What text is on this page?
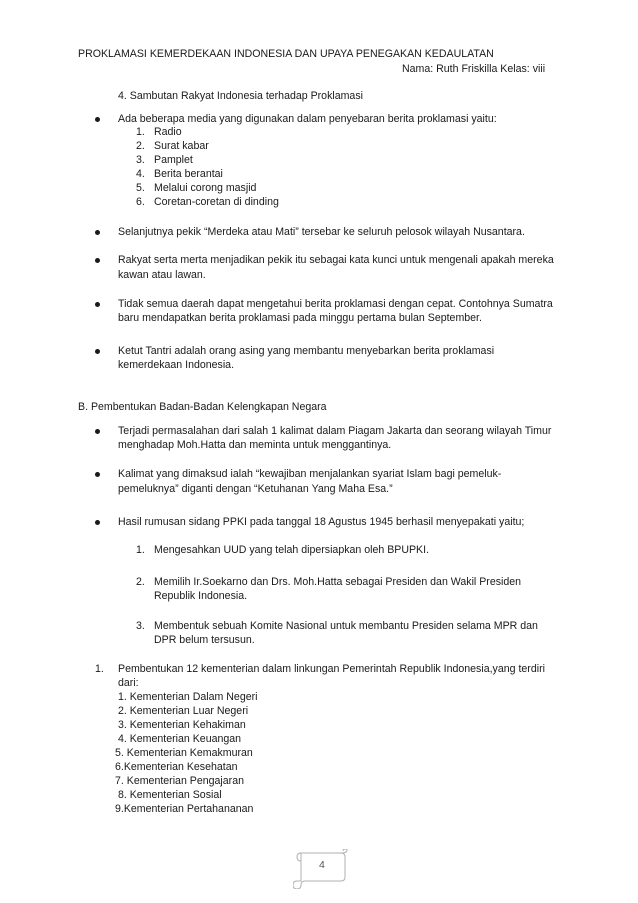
PROKLAMASI KEMERDEKAAN INDONESIA DAN UPAYA PENEGAKAN KEDAULATAN
Nama: Ruth Friskilla Kelas: viii
4. Sambutan Rakyat Indonesia terhadap Proklamasi
Ada beberapa media yang digunakan dalam penyebaran berita proklamasi yaitu:
1. Radio
2. Surat kabar
3. Pamplet
4. Berita berantai
5. Melalui corong masjid
6. Coretan-coretan di dinding
Selanjutnya pekik “Merdeka atau Mati” tersebar ke seluruh pelosok wilayah Nusantara.
Rakyat serta merta menjadikan pekik itu sebagai kata kunci untuk mengenali apakah mereka
kawan atau lawan.
Tidak semua daerah dapat mengetahui berita proklamasi dengan cepat. Contohnya Sumatra
baru mendapatkan berita proklamasi pada minggu pertama bulan September.
Ketut Tantri adalah orang asing yang membantu menyebarkan berita proklamasi
kemerdekaan Indonesia.
B. Pembentukan Badan-Badan Kelengkapan Negara
Terjadi permasalahan dari salah 1 kalimat dalam Piagam Jakarta dan seorang wilayah Timur
menghadap Moh.Hatta dan meminta untuk menggantinya.
Kalimat yang dimaksud ialah “kewajiban menjalankan syariat Islam bagi pemeluk-
pemeluknya” diganti dengan “Ketuhanan Yang Maha Esa.”
Hasil rumusan sidang PPKI pada tanggal 18 Agustus 1945 berhasil menyepakati yaitu;
1. Mengesahkan UUD yang telah dipersiapkan oleh BPUPKI.
2. Memilih Ir.Soekarno dan Drs. Moh.Hatta sebagai Presiden dan Wakil Presiden
Republik Indonesia.
3. Membentuk sebuah Komite Nasional untuk membantu Presiden selama MPR dan
DPR belum tersusun.
1. Pembentukan 12 kementerian dalam linkungan Pemerintah Republik Indonesia,yang terdiri
dari:
1. Kementerian Dalam Negeri
2. Kementerian Luar Negeri
3. Kementerian Kehakiman
4. Kementerian Keuangan
5. Kementerian Kemakmuran
6.Kementerian Kesehatan
7. Kementerian Pengajaran
8. Kementerian Sosial
9.Kementerian Pertahananan
4
